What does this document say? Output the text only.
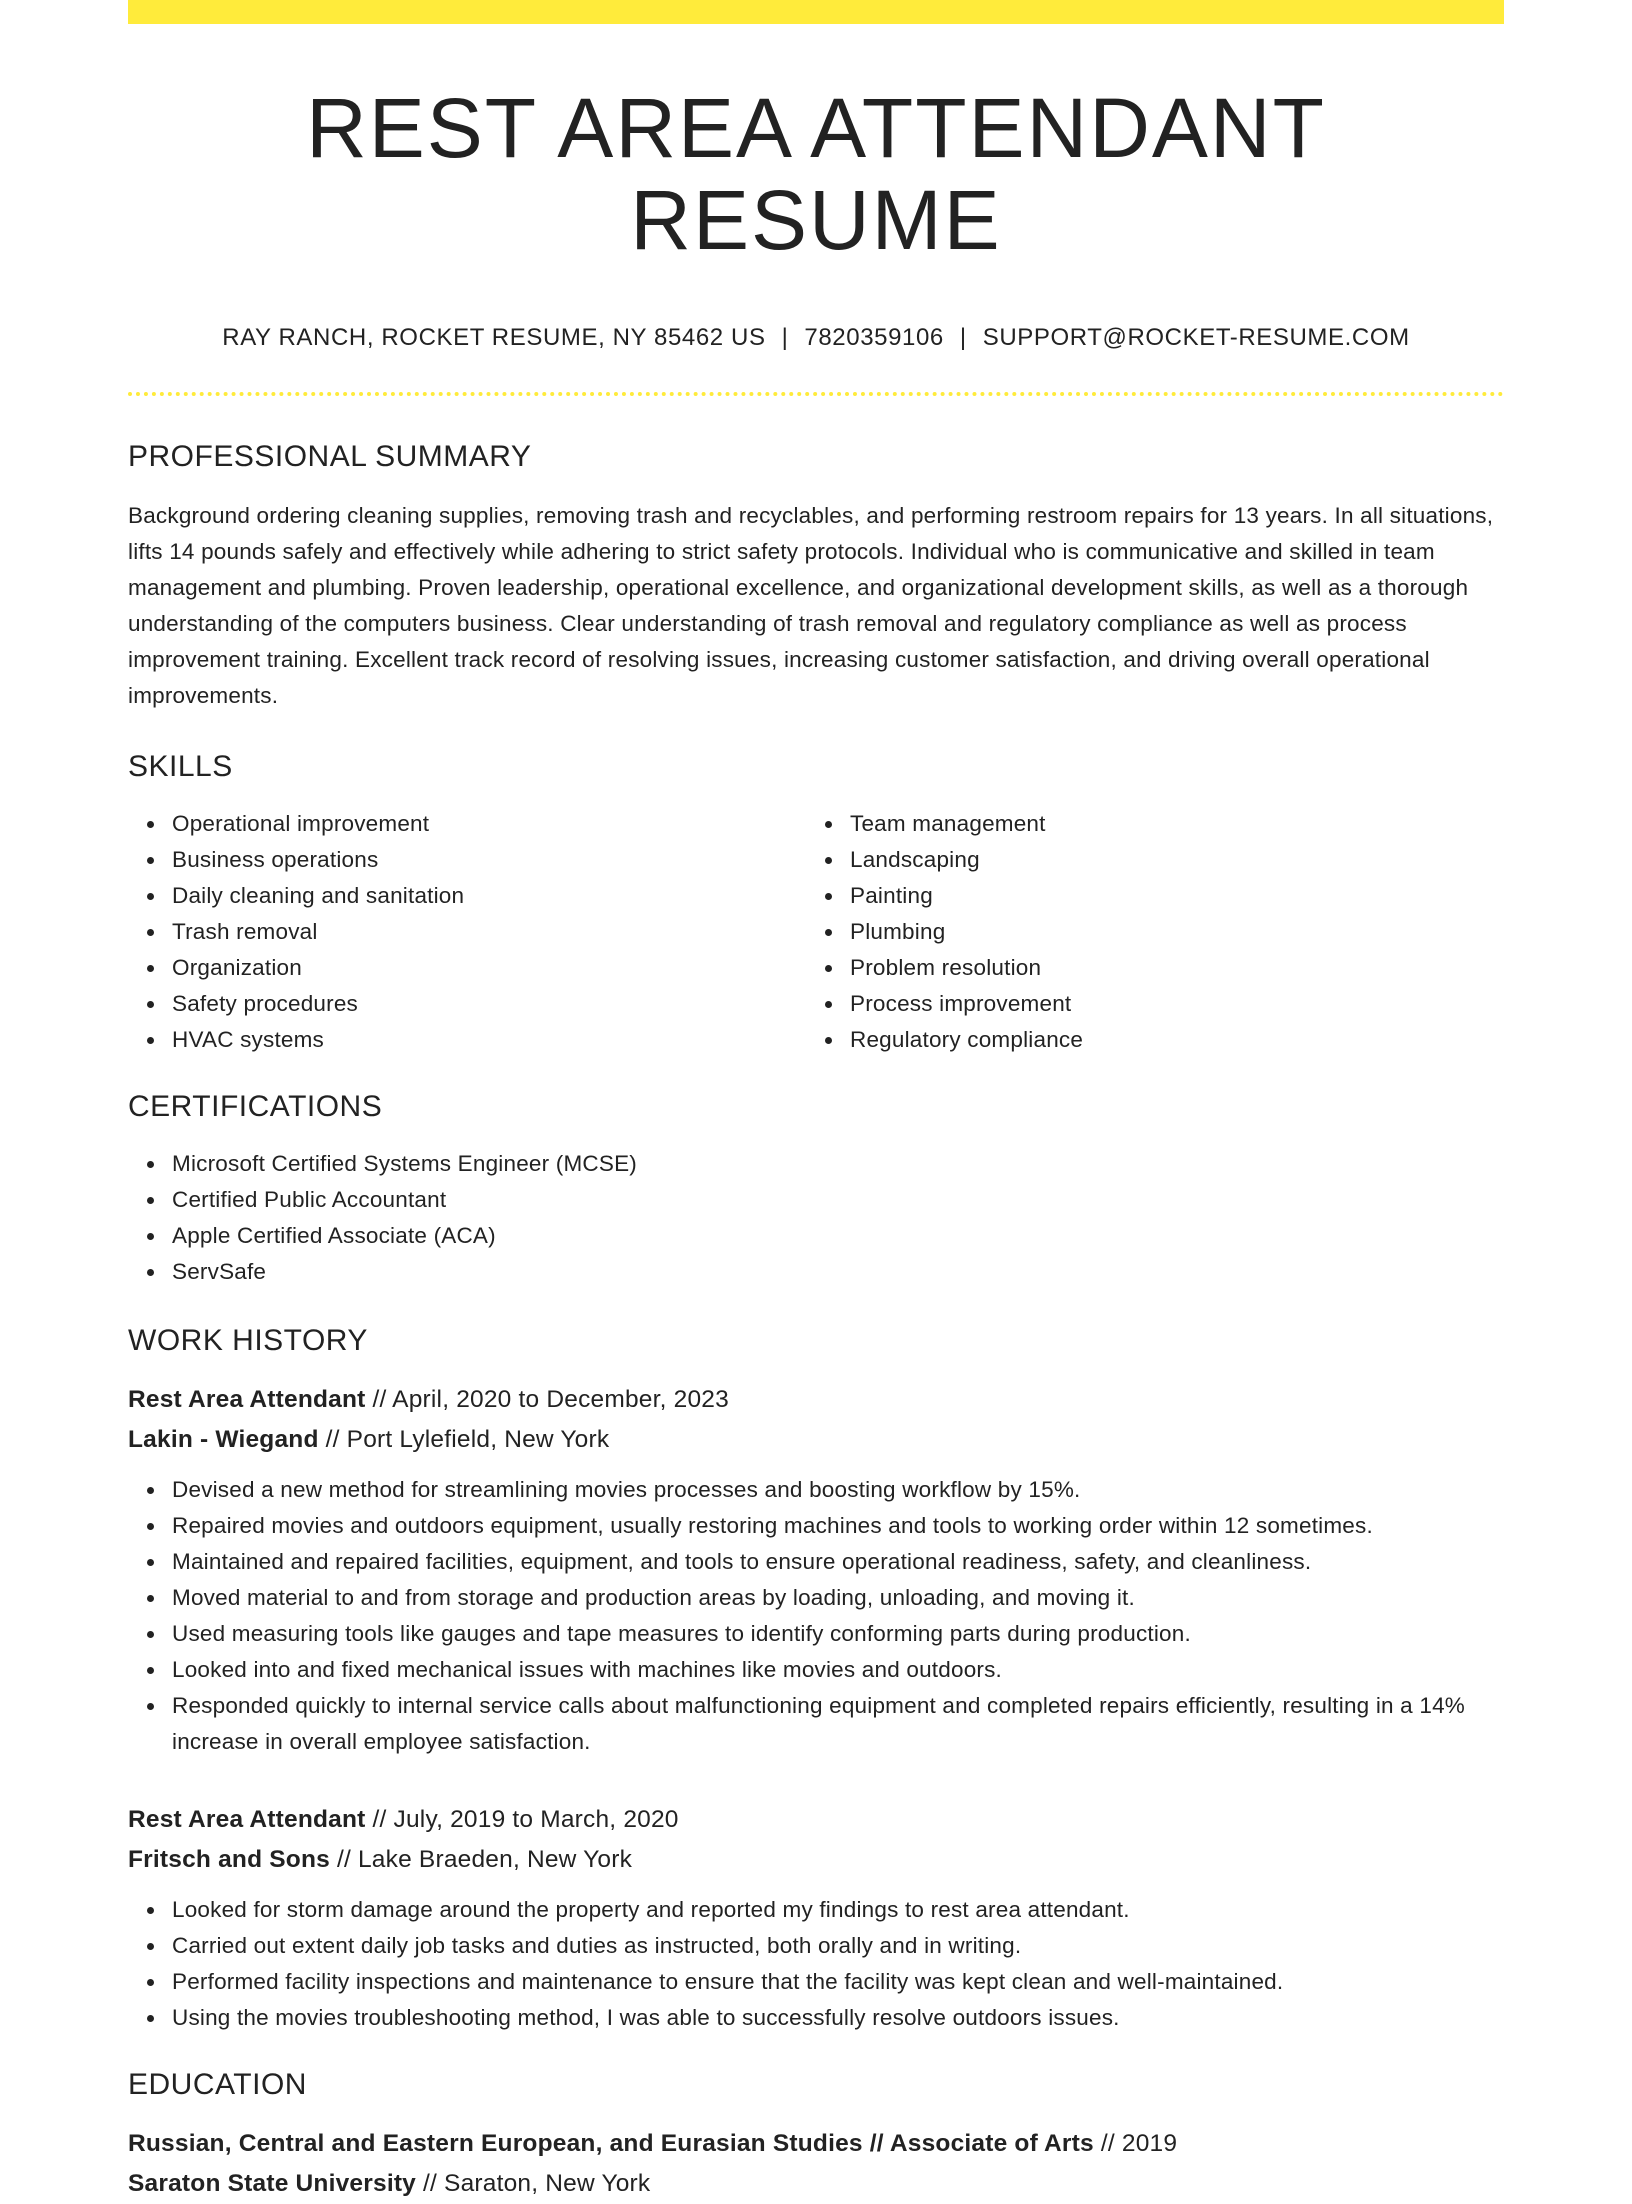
REST AREA ATTENDANT RESUME
RAY RANCH, ROCKET RESUME, NY 85462 US | 7820359106 | SUPPORT@ROCKET-RESUME.COM
PROFESSIONAL SUMMARY
Background ordering cleaning supplies, removing trash and recyclables, and performing restroom repairs for 13 years. In all situations, lifts 14 pounds safely and effectively while adhering to strict safety protocols. Individual who is communicative and skilled in team management and plumbing. Proven leadership, operational excellence, and organizational development skills, as well as a thorough understanding of the computers business. Clear understanding of trash removal and regulatory compliance as well as process improvement training. Excellent track record of resolving issues, increasing customer satisfaction, and driving overall operational improvements.
SKILLS
Operational improvement
Business operations
Daily cleaning and sanitation
Trash removal
Organization
Safety procedures
HVAC systems
Team management
Landscaping
Painting
Plumbing
Problem resolution
Process improvement
Regulatory compliance
CERTIFICATIONS
Microsoft Certified Systems Engineer (MCSE)
Certified Public Accountant
Apple Certified Associate (ACA)
ServSafe
WORK HISTORY
Rest Area Attendant // April, 2020 to December, 2023
Lakin - Wiegand // Port Lylefield, New York
Devised a new method for streamlining movies processes and boosting workflow by 15%.
Repaired movies and outdoors equipment, usually restoring machines and tools to working order within 12 sometimes.
Maintained and repaired facilities, equipment, and tools to ensure operational readiness, safety, and cleanliness.
Moved material to and from storage and production areas by loading, unloading, and moving it.
Used measuring tools like gauges and tape measures to identify conforming parts during production.
Looked into and fixed mechanical issues with machines like movies and outdoors.
Responded quickly to internal service calls about malfunctioning equipment and completed repairs efficiently, resulting in a 14% increase in overall employee satisfaction.
Rest Area Attendant // July, 2019 to March, 2020
Fritsch and Sons // Lake Braeden, New York
Looked for storm damage around the property and reported my findings to rest area attendant.
Carried out extent daily job tasks and duties as instructed, both orally and in writing.
Performed facility inspections and maintenance to ensure that the facility was kept clean and well-maintained.
Using the movies troubleshooting method, I was able to successfully resolve outdoors issues.
EDUCATION
Russian, Central and Eastern European, and Eurasian Studies // Associate of Arts // 2019
Saraton State University // Saraton, New York
